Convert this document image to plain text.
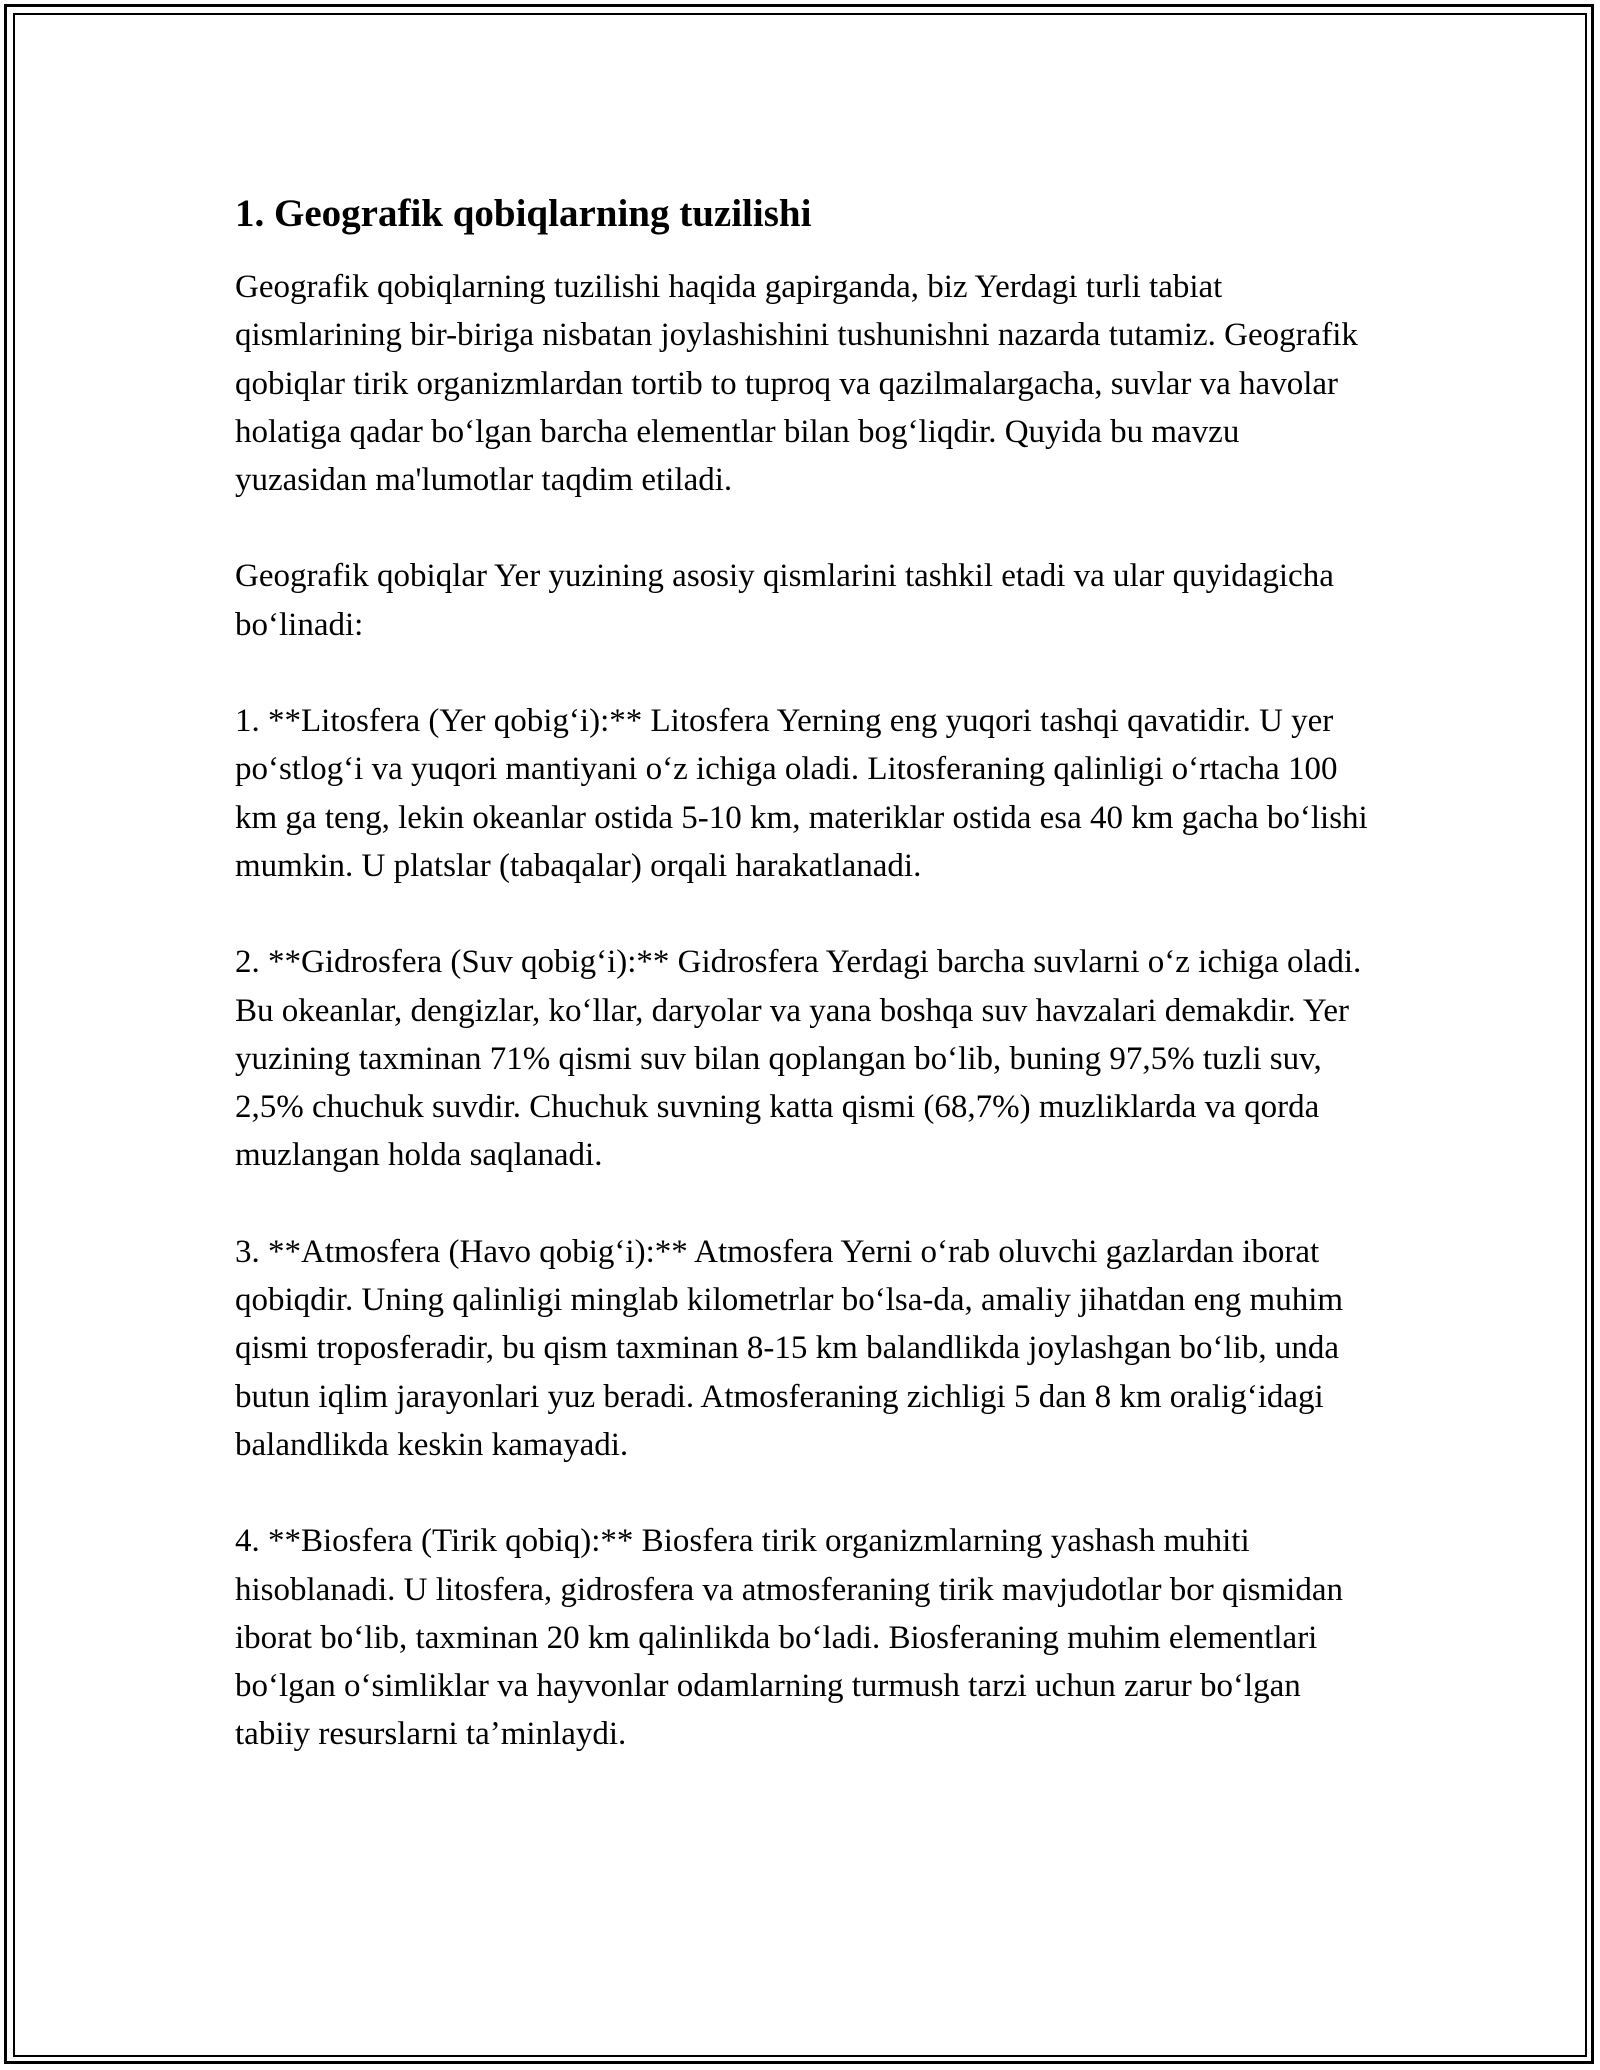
1. Geografik qobiqlarning tuzilishi

Geografik qobiqlarning tuzilishi haqida gapirganda, biz Yerdagi turli tabiat qismlarining bir-biriga nisbatan joylashishini tushunishni nazarda tutamiz. Geografik qobiqlar tirik organizmlardan tortib to tuproq va qazilmalargacha, suvlar va havolar holatiga qadar boʻlgan barcha elementlar bilan bogʻliqdir. Quyida bu mavzu yuzasidan ma'lumotlar taqdim etiladi.

Geografik qobiqlar Yer yuzining asosiy qismlarini tashkil etadi va ular quyidagicha boʻlinadi:

1. **Litosfera (Yer qobigʻi):** Litosfera Yerning eng yuqori tashqi qavatidir. U yer poʻstlogʻi va yuqori mantiyani oʻz ichiga oladi. Litosferaning qalinligi oʻrtacha 100 km ga teng, lekin okeanlar ostida 5-10 km, materiklar ostida esa 40 km gacha boʻlishi mumkin. U platslar (tabaqalar) orqali harakatlanadi.

2. **Gidrosfera (Suv qobigʻi):** Gidrosfera Yerdagi barcha suvlarni oʻz ichiga oladi. Bu okeanlar, dengizlar, koʻllar, daryolar va yana boshqa suv havzalari demakdir. Yer yuzining taxminan 71% qismi suv bilan qoplangan boʻlib, buning 97,5% tuzli suv, 2,5% chuchuk suvdir. Chuchuk suvning katta qismi (68,7%) muzliklarda va qorda muzlangan holda saqlanadi.

3. **Atmosfera (Havo qobigʻi):** Atmosfera Yerni oʻrab oluvchi gazlardan iborat qobiqdir. Uning qalinligi minglab kilometrlar boʻlsa-da, amaliy jihatdan eng muhim qismi troposferadir, bu qism taxminan 8-15 km balandlikda joylashgan boʻlib, unda butun iqlim jarayonlari yuz beradi. Atmosferaning zichligi 5 dan 8 km oraligʻidagi balandlikda keskin kamayadi.

4. **Biosfera (Tirik qobiq):** Biosfera tirik organizmlarning yashash muhiti hisoblanadi. U litosfera, gidrosfera va atmosferaning tirik mavjudotlar bor qismidan iborat boʻlib, taxminan 20 km qalinlikda boʻladi. Biosferaning muhim elementlari boʻlgan oʻsimliklar va hayvonlar odamlarning turmush tarzi uchun zarur boʻlgan tabiiy resurslarni taʼminlaydi.
